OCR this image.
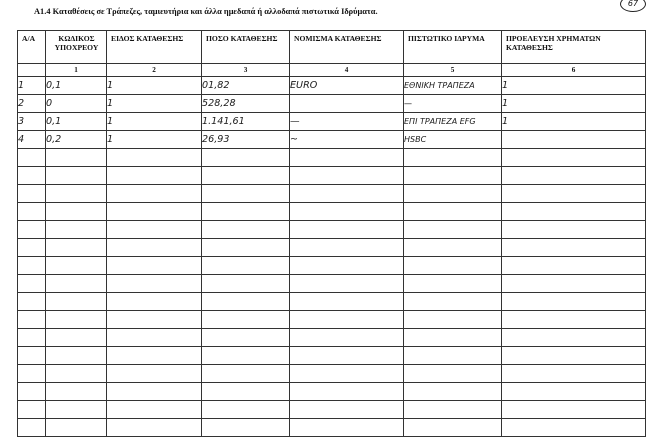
A1.4 Καταθέσεις σε Τράπεζες, ταμιευτήρια και άλλα ημεδαπά ή αλλοδαπά πιστωτικά Ιδρύματα.
67
Α/Α	ΚΩΔΙΚΟΣ ΥΠΟΧΡΕΟΥ	ΕΙΔΟΣ ΚΑΤΑΘΕΣΗΣ	ΠΟΣΟ ΚΑΤΑΘΕΣΗΣ	ΝΟΜΙΣΜΑ ΚΑΤΑΘΕΣΗΣ	ΠΙΣΤΩΤΙΚΟ ΙΔΡΥΜΑ	ΠΡΟΕΛΕΥΣΗ ΧΡΗΜΑΤΩΝ ΚΑΤΑΘΕΣΗΣ
	1	2	3	4	5	6
1	0,1	1	01,82	EURO	ΕΘΝΙΚΗ ΤΡΑΠΕΖΑ	1
2	0	1	528,28		—	1
3	0,1	1	1.141,61	—	ΕΠΙ ΤΡΑΠΕΖΑ EFG	1
4	0,2	1	26,93	~	HSBC	
